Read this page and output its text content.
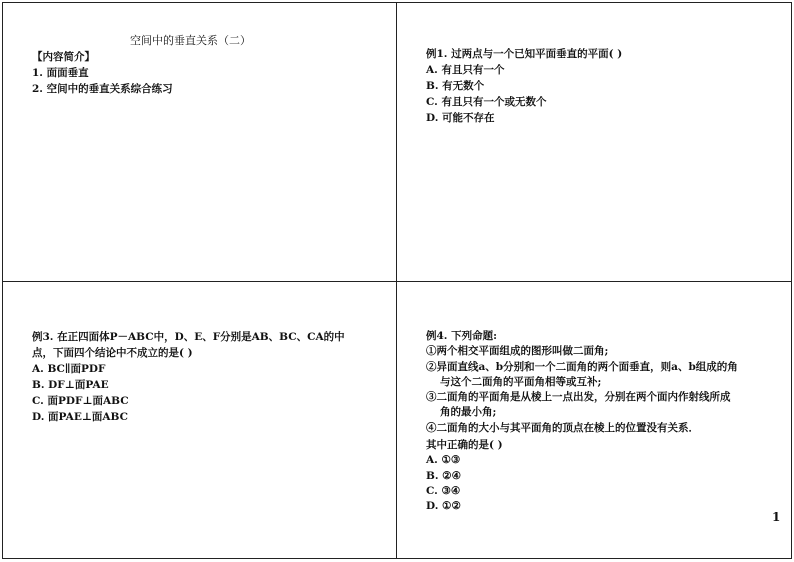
空间中的垂直关系（二）
【内容简介】
1. 面面垂直
2. 空间中的垂直关系综合练习
例1. 过两点与一个已知平面垂直的平面( )
A. 有且只有一个
B. 有无数个
C. 有且只有一个或无数个
D. 可能不存在
例3. 在正四面体P－ABC中，D、E、F分别是AB、BC、CA的中
点，下面四个结论中不成立的是( )
A. BC∥面PDF
B. DF⊥面PAE
C. 面PDF⊥面ABC
D. 面PAE⊥面ABC
例4. 下列命题:
①两个相交平面组成的图形叫做二面角;
②异面直线a、b分别和一个二面角的两个面垂直，则a、b组成的角
与这个二面角的平面角相等或互补;
③二面角的平面角是从棱上一点出发，分别在两个面内作射线所成
角的最小角;
④二面角的大小与其平面角的顶点在棱上的位置没有关系．
其中正确的是( )
A. ①③
B. ②④
C. ③④
D. ①②
1
